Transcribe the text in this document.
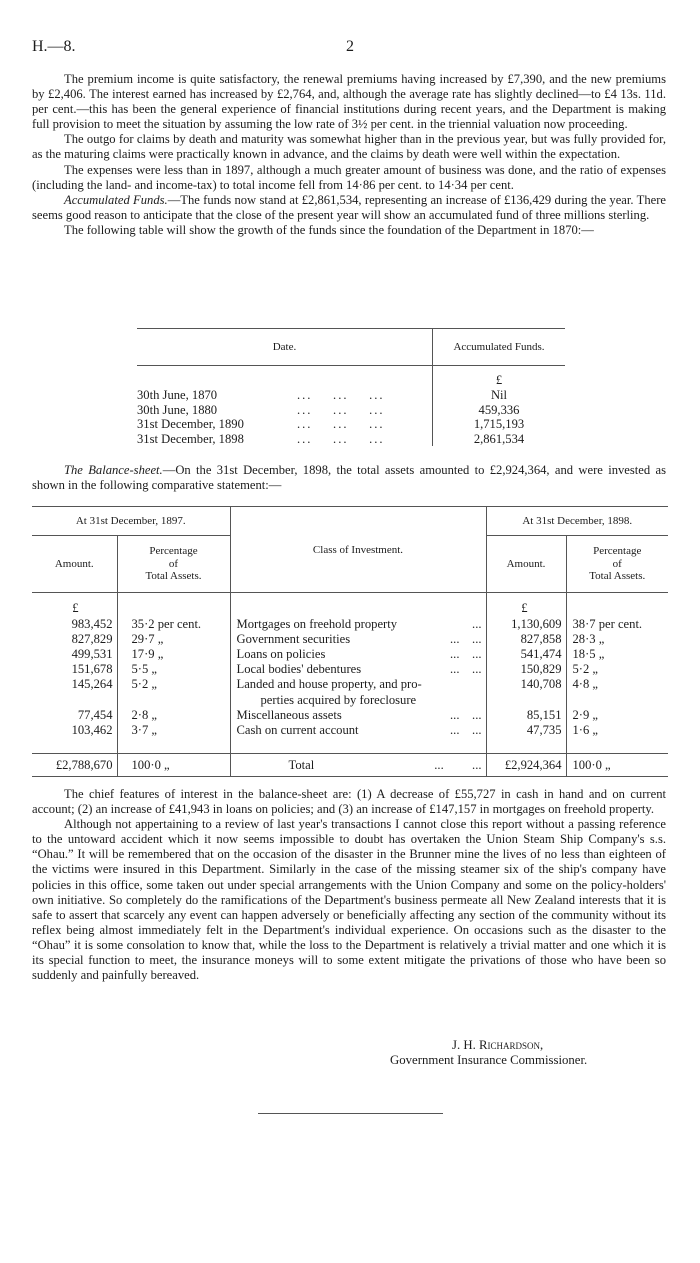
H.—8.	2

The premium income is quite satisfactory, the renewal premiums having increased by £7,390, and the new premiums by £2,406. The interest earned has increased by £2,764, and, although the average rate has slightly declined—to £4 13s. 11d. per cent.—this has been the general experience of financial institutions during recent years, and the Department is making full provision to meet the situation by assuming the low rate of 3½ per cent. in the triennial valuation now proceeding.

The outgo for claims by death and maturity was somewhat higher than in the previous year, but was fully provided for, as the maturing claims were practically known in advance, and the claims by death were well within the expectation.

The expenses were less than in 1897, although a much greater amount of business was done, and the ratio of expenses (including the land- and income-tax) to total income fell from 14·86 per cent. to 14·34 per cent.

Accumulated Funds.—The funds now stand at £2,861,534, representing an increase of £136,429 during the year. There seems good reason to anticipate that the close of the present year will show an accumulated fund of three millions sterling.

The following table will show the growth of the funds since the foundation of the Department in 1870:—

Date.	Accumulated Funds.
	£
30th June, 1870 ...    ...    ...	Nil
30th June, 1880 ...    ...    ...	459,336
31st December, 1890 ...    ...    ...	1,715,193
31st December, 1898 ...    ...    ...	2,861,534

The Balance-sheet.—On the 31st December, 1898, the total assets amounted to £2,924,364, and were invested as shown in the following comparative statement:—

At 31st December, 1897.		Class of Investment.	At 31st December, 1898.	
Amount.	Percentage
of
Total Assets.		Amount.	Percentage
of
Total Assets.
£			£	
983,452	35·2 per cent.	Mortgages on freehold property ...	1,130,609	38·7 per cent.
827,829	29·7 „	Government securities ...    ...	827,858	28·3 „
499,531	17·9 „	Loans on policies ...    ...	541,474	18·5 „
151,678	5·5 „	Local bodies' debentures ...    ...	150,829	5·2 „
145,264	5·2 „	Landed and house property, and pro-	140,708	4·8 „
		perties acquired by foreclosure		
77,454	2·8 „	Miscellaneous assets ...    ...	85,151	2·9 „
103,462	3·7 „	Cash on current account ...    ...	47,735	1·6 „

£2,788,670	100·0 „	Total ...         ...	£2,924,364	100·0 „

The chief features of interest in the balance-sheet are: (1) A decrease of £55,727 in cash in hand and on current account; (2) an increase of £41,943 in loans on policies; and (3) an increase of £147,157 in mortgages on freehold property.

Although not appertaining to a review of last year's transactions I cannot close this report without a passing reference to the untoward accident which it now seems impossible to doubt has overtaken the Union Steam Ship Company's s.s. “Ohau.” It will be remembered that on the occasion of the disaster in the Brunner mine the lives of no less than eighteen of the victims were insured in this Department. Similarly in the case of the missing steamer six of the ship's company have policies in this office, some taken out under special arrangements with the Union Company and some on the policy-holders' own initiative. So completely do the ramifications of the Department's business permeate all New Zealand interests that it is safe to assert that scarcely any event can happen adversely or beneficially affecting any section of the community without its reflex being almost immediately felt in the Department's individual experience. On occasions such as the disaster to the “Ohau” it is some consolation to know that, while the loss to the Department is relatively a trivial matter and one which it is its special function to meet, the insurance moneys will to some extent mitigate the privations of those who have been so suddenly and painfully bereaved.

J. H. Richardson,
Government Insurance Commissioner.
